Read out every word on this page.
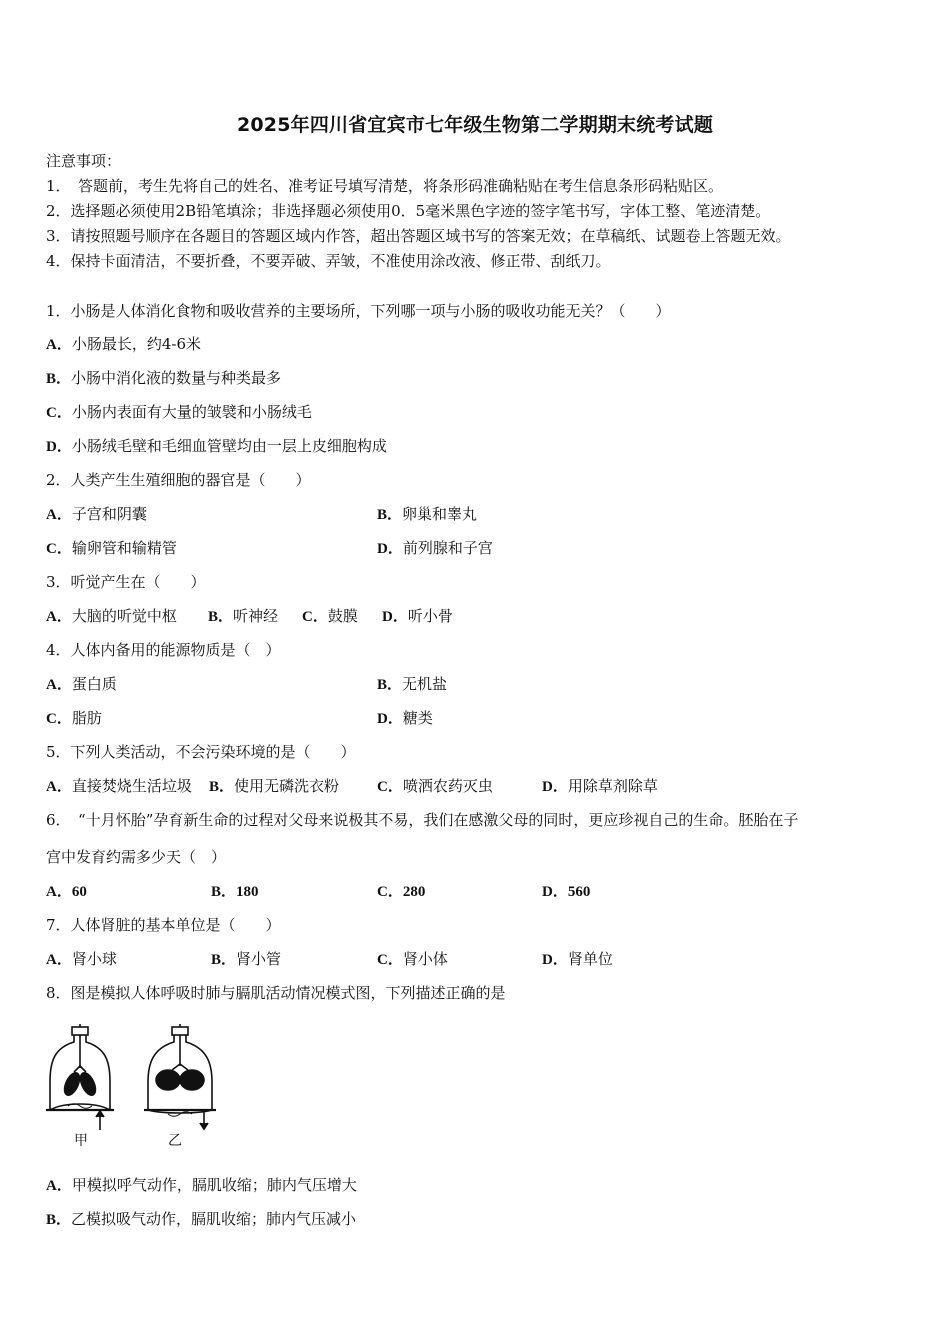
2025年四川省宜宾市七年级生物第二学期期末统考试题
注意事项：
1．　答题前，考生先将自己的姓名、准考证号填写清楚，将条形码准确粘贴在考生信息条形码粘贴区。
2．选择题必须使用2B铅笔填涂；非选择题必须使用0．5毫米黑色字迹的签字笔书写，字体工整、笔迹清楚。
3．请按照题号顺序在各题目的答题区域内作答，超出答题区域书写的答案无效；在草稿纸、试题卷上答题无效。
4．保持卡面清洁，不要折叠，不要弄破、弄皱，不准使用涂改液、修正带、刮纸刀。
1．小肠是人体消化食物和吸收营养的主要场所，下列哪一项与小肠的吸收功能无关？（　　）
A．小肠最长，约4-6米
B．小肠中消化液的数量与种类最多
C．小肠内表面有大量的皱襞和小肠绒毛
D．小肠绒毛壁和毛细血管壁均由一层上皮细胞构成
2．人类产生生殖细胞的器官是（　　）
A．子宫和阴囊	B．卵巢和睾丸
C．输卵管和输精管	D．前列腺和子宫
3．听觉产生在（　　）
A．大脑的听觉中枢 B．听神经 C．鼓膜 D．听小骨
4．人体内备用的能源物质是（　）
A．蛋白质	B．无机盐
C．脂肪	D．糖类
5．下列人类活动，不会污染环境的是（　　）
A．直接焚烧生活垃圾 B．使用无磷洗衣粉	C．喷洒农药灭虫	D．用除草剂除草
6．　“十月怀胎”孕育新生命的过程对父母来说极其不易，我们在感激父母的同时，更应珍视自己的生命。胚胎在子
宫中发育约需多少天（　）
A．60	B．180	C．280	D．560
7．人体肾脏的基本单位是（　　）
A．肾小球	B．肾小管	C．肾小体	D．肾单位
8．图是模拟人体呼吸时肺与膈肌活动情况模式图，下列描述正确的是
甲	乙
A．甲模拟呼气动作，膈肌收缩；肺内气压增大
B．乙模拟吸气动作，膈肌收缩；肺内气压减小
